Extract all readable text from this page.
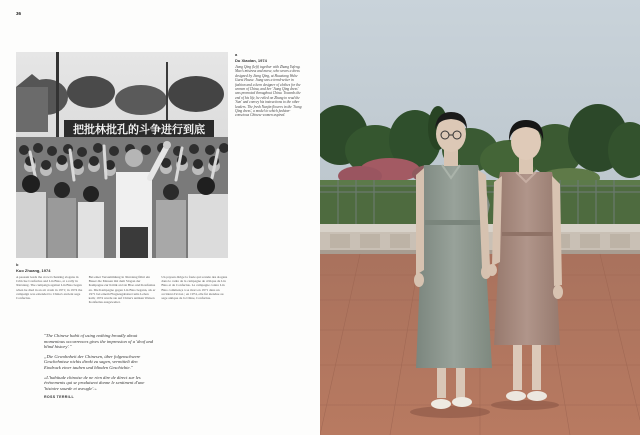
36
把批林批孔的斗争进行到底
a
Du Xiaolan, 1974
Jiang Qing (left) together with Zhang Yufeng. Mao's mistress and nurse, who wears a dress designed by Jiang Qing, at Huaxiang Wuhe Guest House. Jiang was a trend-setter in fashion and a keen designer of clothes for the women of China, and her 'Jiang Qing dress' was promoted throughout China. Towards the end of his life, he relied on Zhang to read the 'Sun' and convey his instructions to the other leaders. The fresh Nanjin flowers in the 'Jiang Qing dress', a model to which fashion-conscious Chinese women aspired.
b
Kuo Zhuang, 1974
A peasant leads the crowd chanting slogans in Criticise Confucius and Lin Biao, at a rally in Xinxiang. The campaign against Lin Biao began when he died in an air crash in 1971; in 1974 the campaign was extended to China's ancient sage Confucius.
Bei einer Versammlung in Xinxiang führt ein Bauer die Massen mit dem Slogan der Kampagne zur Kritik an Lin Biao und Konfuzius an. Die Kampagne gegen Lin Biao begann, als er 1971 bei einem Flugzeugabsturz ums Leben kam; 1974 wurde sie auf China's antiken Weisen Konfuzius ausgeweitet.
Un paysan dirige la foule qui scande des slogans dans le cadre de la campagne de critique de Lin Biao et de Confucius. La campagne contre Lin Biao commença à sa mort en 1971 dans un accident d'avion ; en 1974, elle fut étendue au sage antique de la Chine, Confucius.
"The Chinese habit of using nothing broadly about momentous occurrences gives the impression of a 'deaf and blind history'."
„Die Gewohnheit der Chinesen, über folgenschwere Geschehnisse nichts direkt zu sagen, vermittelt den Eindruck einer tauben und blinden Geschichte."
«L'habitude chinoise de ne rien dire de direct sur les événements qui se produisent donne le sentiment d'une 'histoire sourde et aveugle'.»
ROSS TERRILL
